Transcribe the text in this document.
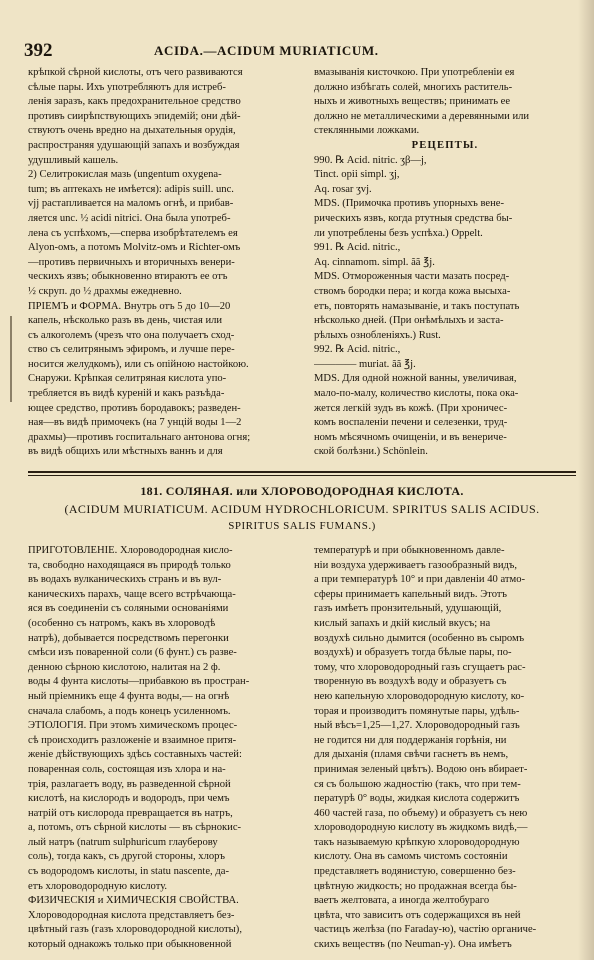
392	ACIDA.—ACIDUM MURIATICUM.
крѣпкой сѣрной кислоты, отъ чего развиваются
сѣлые пары. Ихъ употребляютъ для истреб-
ленія заразъ, какъ предохранительное средство
противъ сиирѣпствующихъ эпидемій; они дѣй-
ствуютъ очень вредно на дыхательныя орудія,
распространяя удушающій запахъ и возбуждая
удушливый кашель.
2) Селитрокислая мазь (ungentum oxygena-
tum; въ аптекахъ не имѣется): adipis suill. unc.
vjj растапливается на маломъ огнѣ, и прибав-
ляется unc. ½ acidi nitrici. Она была употреб-
лена съ успѣхомъ,—сперва изобрѣтателемъ ея
Alyon-омъ, а потомъ Molvitz-омъ и Richter-омъ
—противъ первичныхъ и вторичныхъ венери-
ческихъ язвъ; обыкновенно втираютъ ее отъ
½ скруп. до ½ драхмы ежедневно.
ПРІЕМЪ и ФОРМА. Внутрь отъ 5 до 10—20
капель, нѣсколько разъ въ день, чистая или
съ алкоголемъ (чрезъ что она получаетъ сход-
ство съ селитрянымъ эфиромъ, и лучше пере-
носится желудкомъ), или съ опійною настойкою.
Снаружи. Крѣпкая селитряная кислота упо-
требляется въ видѣ куреній и какъ разъѣда-
ющее средство, противъ бородавокъ; разведен-
ная—въ видѣ примочекъ (на 7 унцій воды 1—2
драхмы)—противъ госпитальнаго антонова огня;
въ видѣ общихъ или мѣстныхъ ваннъ и для
вмазыванія кисточкою. При употребленіи ея
должно избѣгать солей, многихъ раститель-
ныхъ и животныхъ веществъ; принимать ее
должно не металлическими а деревянными или
стеклянными ложками.
РЕЦЕПТЫ.
990. ℞ Acid. nitric. ʒβ—j,
Tinct. opii simpl. ʒj,
Aq. rosar ʒvj.
MDS. (Примочка противъ упорныхъ вене-
рическихъ язвъ, когда ртутныя средства бы-
ли употреблены безъ успѣха.) Орреlt.
991. ℞ Acid. nitric.,
Aq. cinnamom. simpl. ãã ℥j.
MDS. Отмороженныя части мазать посред-
ствомъ бородки пера; и когда кожа высыха-
етъ, повторять намазываніе, и такъ поступать
нѣсколько дней. (При онѣмѣлыхъ и заста-
рѣлыхъ ознобленіяхъ.) Rust.
992. ℞ Acid. nitric.,
———— muriat. ãã ℥j.
MDS. Для одной ножной ванны, увеличивая,
мало-по-малу, количество кислоты, пока ока-
жется легкій зудъ въ кожѣ. (При хроничес-
комъ воспаленіи печени и селезенки, труд-
номъ мѣсячномъ очищеніи, и въ венериче-
ской болѣзни.) Schönlein.
181. СОЛЯНАЯ. или ХЛОРОВОДОРОДНАЯ КИСЛОТА.
(ACIDUM MURIATICUM. ACIDUM HYDROCHLORICUM. SPIRITUS SALIS ACIDUS.
SPIRITUS SALIS FUMANS.)
ПРИГОТОВЛЕНІЕ. Хлороводородная кисло-
та, свободно находящаяся въ природѣ только
въ водахъ вулканическихъ странъ и въ вул-
каническихъ парахъ, чаще всего встрѣчающа-
яся въ соединеніи съ соляными основаніями
(особенно съ натромъ, какъ въ хлороводѣ
натрѣ), добывается посредствомъ перегонки
смѣси изъ поваренной соли (6 фунт.) съ разве-
денною сѣрною кислотою, налитая на 2 ф.
воды 4 фунта кислоты—прибавкою въ простран-
ный пріемникъ еще 4 фунта воды,— на огнѣ
сначала слабомъ, а подъ конецъ усиленномъ.
ЭТІОЛОГІЯ. При этомъ химическомъ процес-
сѣ происходитъ разложеніе и взаимное притя-
женіе дѣйствующихъ здѣсь составныхъ частей:
поваренная соль, состоящая изъ хлора и на-
трія, разлагаетъ воду, въ разведенной сѣрной
кислотѣ, на кислородъ и водородъ, при чемъ
натрій отъ кислорода превращается въ натръ,
а, потомъ, отъ сѣрной кислоты — въ сѣрнокис-
лый натръ (natrum sulphuricum глауберову
соль), тогда какъ, съ другой стороны, хлоръ
съ водородомъ кислоты, in statu nascente, да-
етъ хлороводородную кислоту.
ФИЗИЧЕСКІЯ и ХИМИЧЕСКІЯ СВОЙСТВА.
Хлороводородная кислота представляетъ без-
цвѣтный газъ (газъ хлороводородной кислоты),
который однакожъ только при обыкновенной
температурѣ и при обыкновенномъ давле-
ніи воздуха удерживаетъ газообразный видъ,
а при температурѣ 10° и при давленіи 40 атмо-
сферы принимаетъ капельный видъ. Этотъ
газъ имѣетъ пронзительный, удушающій,
кислый запахъ и дкій кислый вкусъ; на
воздухѣ сильно дымится (особенно въ сыромъ
воздухѣ) и образуетъ тогда бѣлые пары, по-
тому, что хлороводородный газъ сгущаетъ рас-
творенную въ воздухѣ воду и образуетъ съ
нею капельную хлороводородную кислоту, ко-
торая и производитъ помянутые пары, удѣль-
ный вѣсъ=1,25—1,27. Хлороводородный газъ
не годится ни для поддержанія горѣнія, ни
для дыханія (пламя свѣчи гаснетъ въ немъ,
принимая зеленый цвѣтъ). Водою онъ вбирает-
ся съ большою жадностію (такъ, что при тем-
пературѣ 0° воды, жидкая кислота содержитъ
460 частей газа, по объему) и образуетъ съ нею
хлороводородную кислоту въ жидкомъ видѣ,—
такъ называемую крѣпкую хлороводородную
кислоту. Она въ самомъ чистомъ состояніи
представляетъ водянистую, совершенно без-
цвѣтную жидкость; но продажная всегда бы-
ваетъ желтовата, а иногда желтобураго
цвѣта, что зависитъ отъ содержащихся въ ней
частицъ желѣза (по Faraday-ю), частію органиче-
скихъ веществъ (по Neuman-у). Она имѣетъ
